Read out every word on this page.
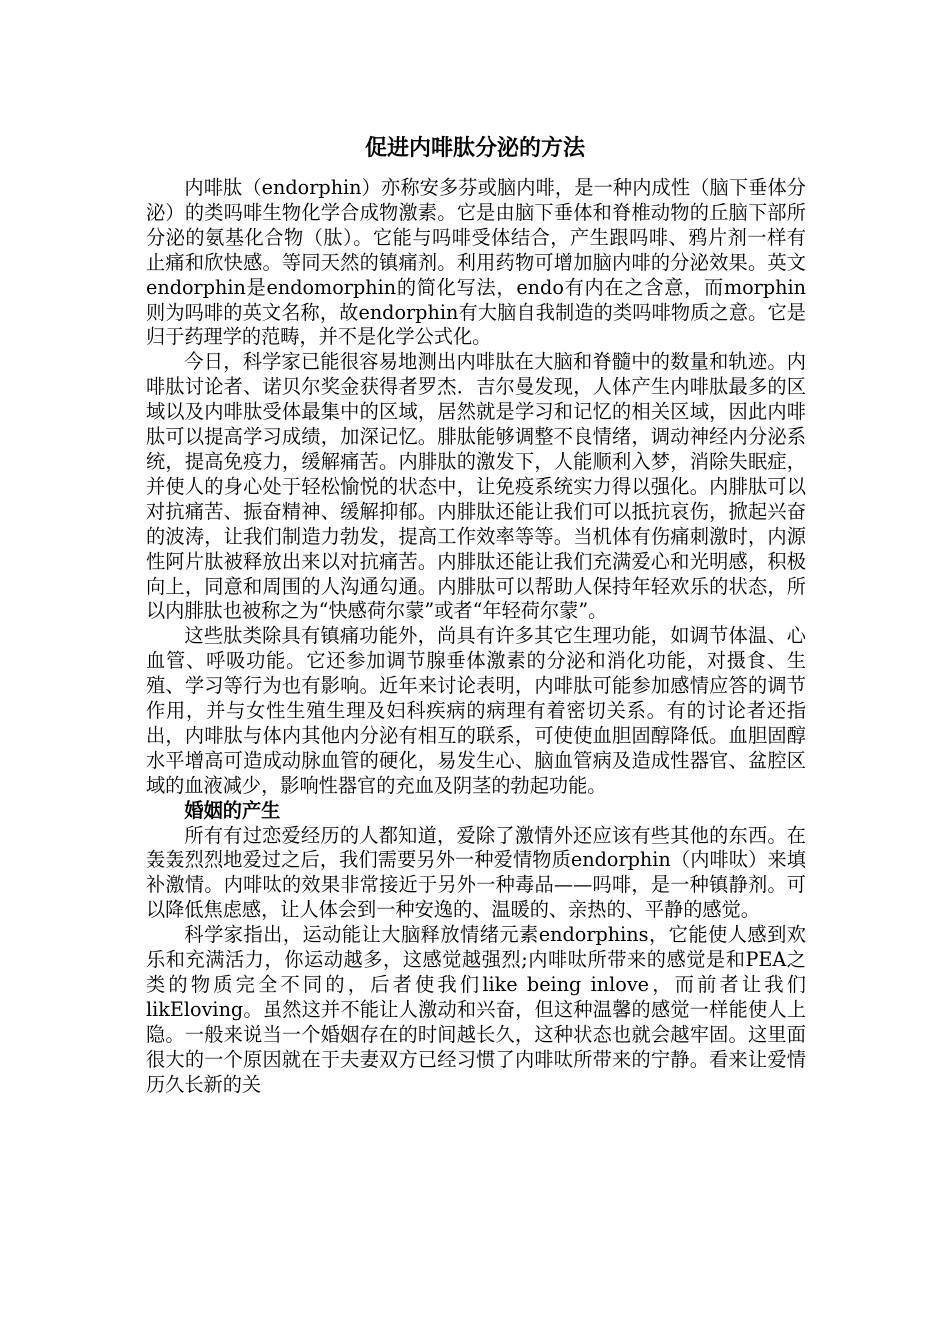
促进内啡肽分泌的方法

内啡肽（endorphin）亦称安多芬或脑内啡，是一种内成性（脑下垂体分泌）的类吗啡生物化学合成物激素。它是由脑下垂体和脊椎动物的丘脑下部所分泌的氨基化合物（肽）。它能与吗啡受体结合，产生跟吗啡、鸦片剂一样有止痛和欣快感。等同天然的镇痛剂。利用药物可增加脑内啡的分泌效果。英文endorphin是endomorphin的简化写法，endo有内在之含意，而morphin则为吗啡的英文名称，故endorphin有大脑自我制造的类吗啡物质之意。它是归于药理学的范畴，并不是化学公式化。

今日，科学家已能很容易地测出内啡肽在大脑和脊髓中的数量和轨迹。内啡肽讨论者、诺贝尔奖金获得者罗杰．吉尔曼发现，人体产生内啡肽最多的区域以及内啡肽受体最集中的区域，居然就是学习和记忆的相关区域，因此内啡肽可以提高学习成绩，加深记忆。腓肽能够调整不良情绪，调动神经内分泌系统，提高免疫力，缓解痛苦。内腓肽的激发下，人能顺利入梦，消除失眠症，并使人的身心处于轻松愉悦的状态中，让免疫系统实力得以强化。内腓肽可以对抗痛苦、振奋精神、缓解抑郁。内腓肽还能让我们可以抵抗哀伤，掀起兴奋的波涛，让我们制造力勃发，提高工作效率等等。当机体有伤痛刺激时，内源性阿片肽被释放出来以对抗痛苦。内腓肽还能让我们充满爱心和光明感，积极向上，同意和周围的人沟通勾通。内腓肽可以帮助人保持年轻欢乐的状态，所以内腓肽也被称之为“快感荷尔蒙”或者“年轻荷尔蒙”。

这些肽类除具有镇痛功能外，尚具有许多其它生理功能，如调节体温、心血管、呼吸功能。它还参加调节腺垂体激素的分泌和消化功能，对摄食、生殖、学习等行为也有影响。近年来讨论表明，内啡肽可能参加感情应答的调节作用，并与女性生殖生理及妇科疾病的病理有着密切关系。有的讨论者还指出，内啡肽与体内其他内分泌有相互的联系，可使使血胆固醇降低。血胆固醇水平增高可造成动脉血管的硬化，易发生心、脑血管病及造成性器官、盆腔区域的血液减少，影响性器官的充血及阴茎的勃起功能。

婚姻的产生

所有有过恋爱经历的人都知道，爱除了激情外还应该有些其他的东西。在轰轰烈烈地爱过之后，我们需要另外一种爱情物质endorphin（内啡呔）来填补激情。内啡呔的效果非常接近于另外一种毒品——吗啡，是一种镇静剂。可以降低焦虑感，让人体会到一种安逸的、温暖的、亲热的、平静的感觉。

科学家指出，运动能让大脑释放情绪元素endorphins，它能使人感到欢乐和充满活力，你运动越多，这感觉越强烈;内啡呔所带来的感觉是和PEA之类的物质完全不同的，后者使我们like being inlove，而前者让我们likEloving。虽然这并不能让人激动和兴奋，但这种温馨的感觉一样能使人上隐。一般来说当一个婚姻存在的时间越长久，这种状态也就会越牢固。这里面很大的一个原因就在于夫妻双方已经习惯了内啡呔所带来的宁静。看来让爱情历久长新的关
